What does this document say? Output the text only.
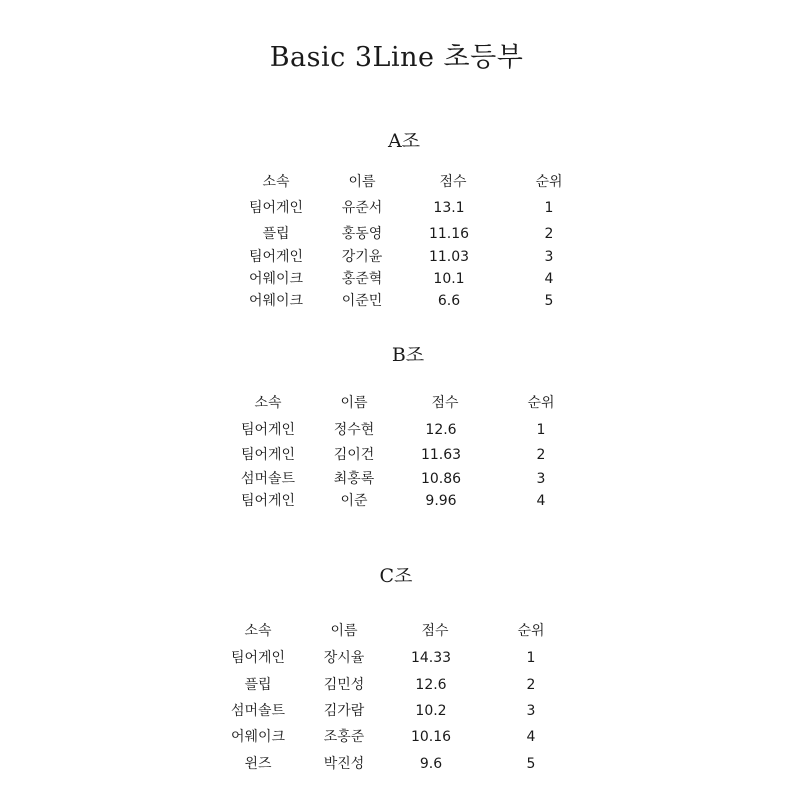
Basic 3Line 초등부
A조
소속	이름	점수	순위
팀어게인	유준서	13.1	1
플립	홍동영	11.16	2
팀어게인	강기윤	11.03	3
어웨이크	홍준혁	10.1	4
어웨이크	이준민	6.6	5
B조
소속	이름	점수	순위
팀어게인	정수현	12.6	1
팀어게인	김이건	11.63	2
섬머솔트	최홍록	10.86	3
팀어게인	이준	9.96	4
C조
소속	이름	점수	순위
팀어게인	장시율	14.33	1
플립	김민성	12.6	2
섬머솔트	김가람	10.2	3
어웨이크	조홍준	10.16	4
윈즈	박진성	9.6	5
